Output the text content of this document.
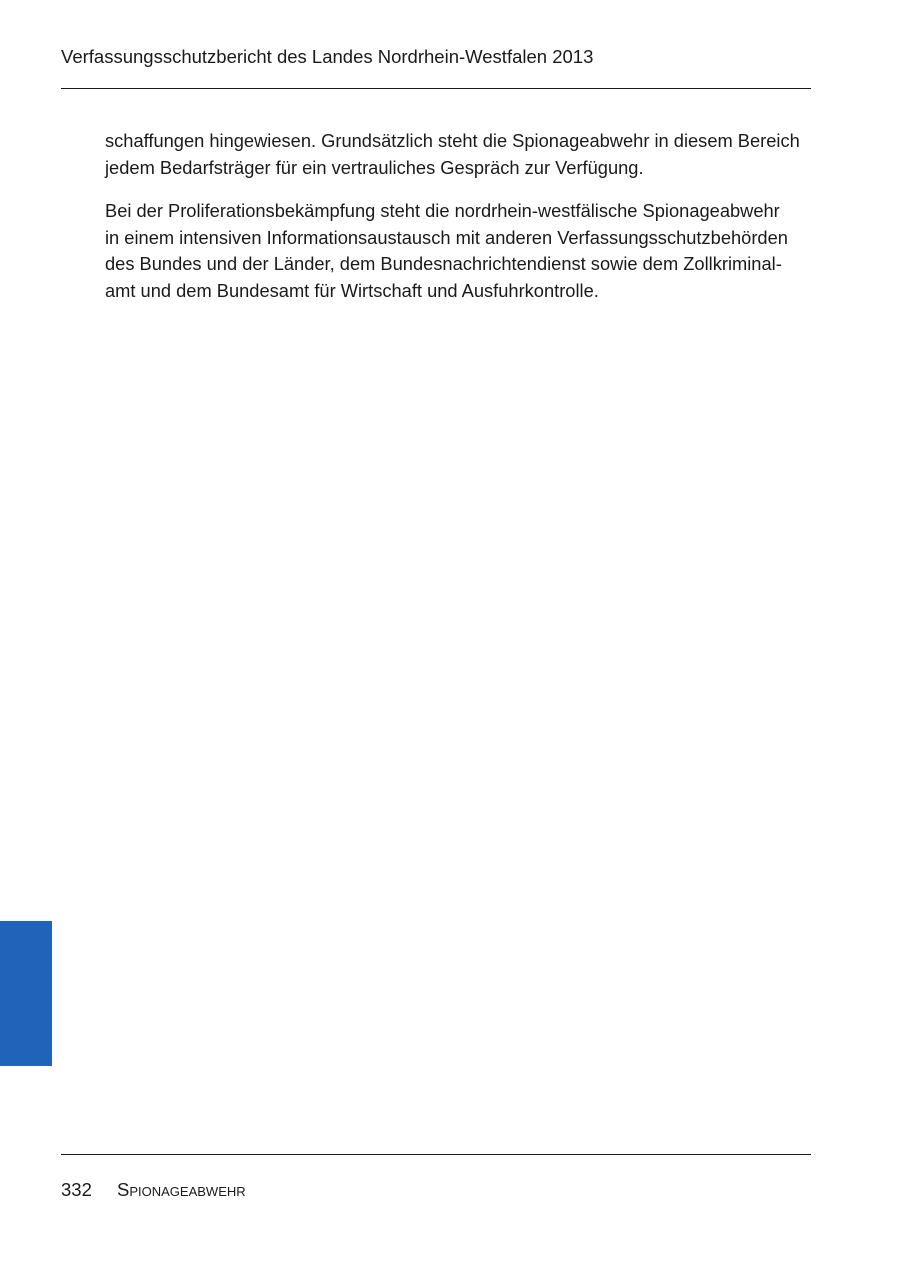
Verfassungsschutzbericht des Landes Nordrhein-Westfalen 2013

schaffungen hingewiesen. Grundsätzlich steht die Spionageabwehr in diesem Bereich
jedem Bedarfsträger für ein vertrauliches Gespräch zur Verfügung.

Bei der Proliferationsbekämpfung steht die nordrhein-westfälische Spionageabwehr
in einem intensiven Informationsaustausch mit anderen Verfassungsschutzbehörden
des Bundes und der Länder, dem Bundesnachrichtendienst sowie dem Zollkriminal-
amt und dem Bundesamt für Wirtschaft und Ausfuhrkontrolle.

332 Spionageabwehr
